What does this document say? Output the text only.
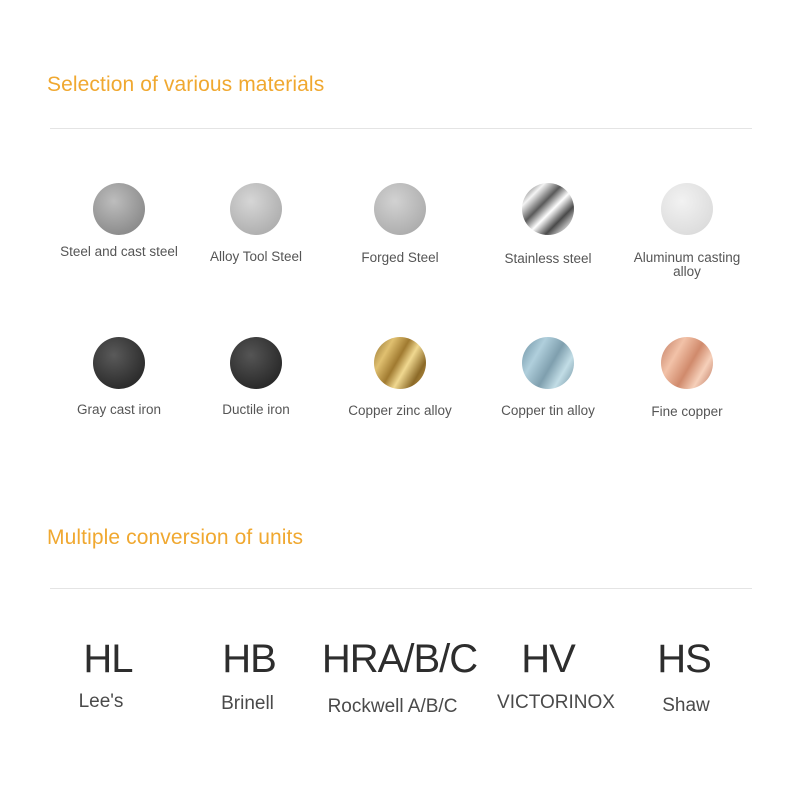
Selection of various materials
Steel and cast steel	Alloy Tool Steel	Forged Steel	Stainless steel	Aluminum casting alloy
Gray cast iron	Ductile iron	Copper zinc alloy	Copper tin alloy	Fine copper
Multiple conversion of units
HL
Lee's
HB
Brinell
HRA/B/C
Rockwell A/B/C
HV
VICTORINOX
HS
Shaw
